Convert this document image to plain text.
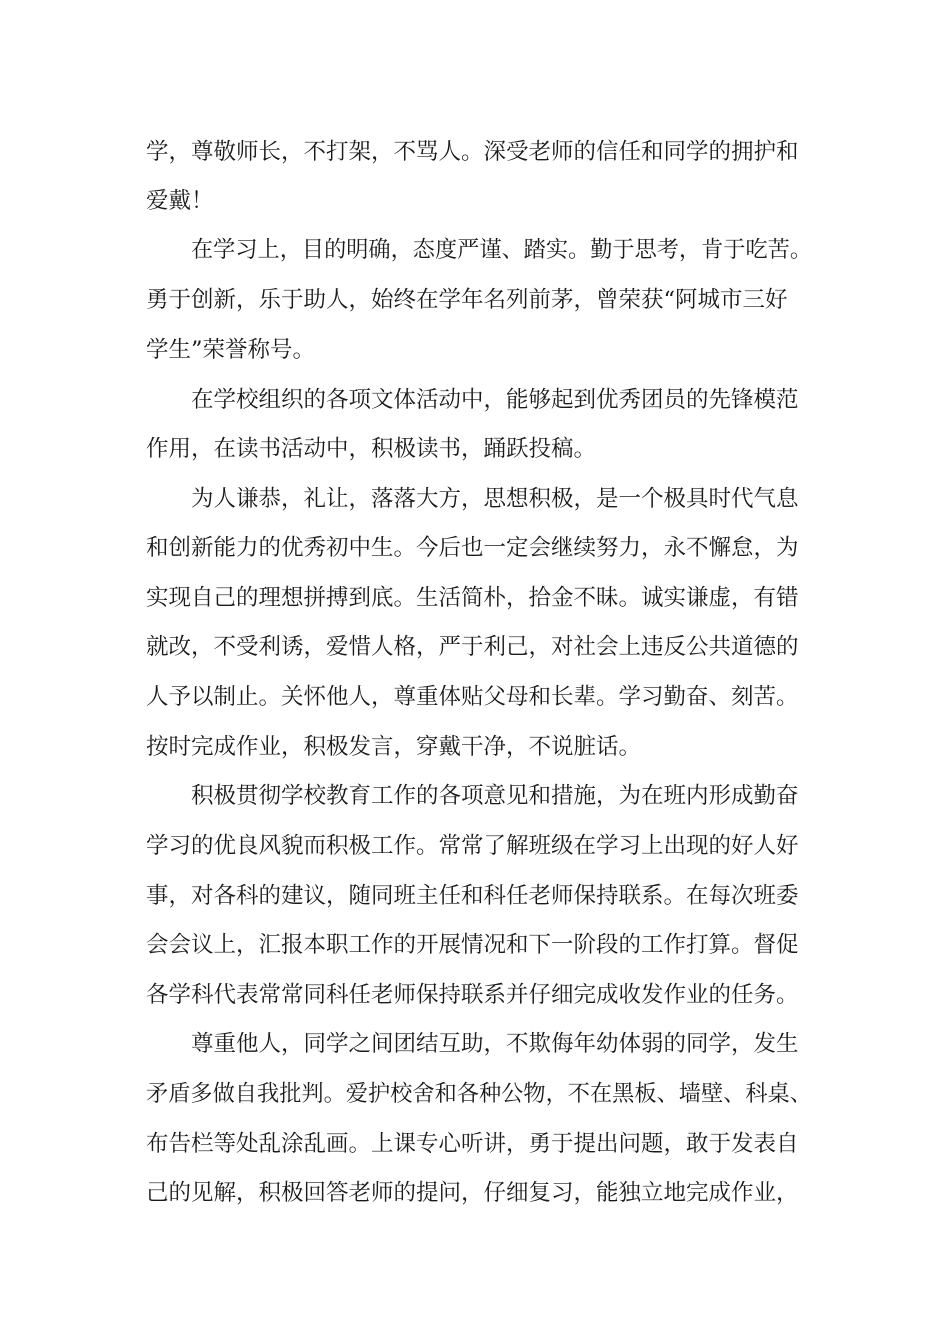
学，尊敬师长，不打架，不骂人。深受老师的信任和同学的拥护和
爱戴！
在学习上，目的明确，态度严谨、踏实。勤于思考，肯于吃苦。
勇于创新，乐于助人，始终在学年名列前茅，曾荣获“阿城市三好
学生”荣誉称号。
在学校组织的各项文体活动中，能够起到优秀团员的先锋模范
作用，在读书活动中，积极读书，踊跃投稿。
为人谦恭，礼让，落落大方，思想积极，是一个极具时代气息
和创新能力的优秀初中生。今后也一定会继续努力，永不懈怠，为
实现自己的理想拼搏到底。生活简朴，拾金不昧。诚实谦虚，有错
就改，不受利诱，爱惜人格，严于利己，对社会上违反公共道德的
人予以制止。关怀他人，尊重体贴父母和长辈。学习勤奋、刻苦。
按时完成作业，积极发言，穿戴干净，不说脏话。
积极贯彻学校教育工作的各项意见和措施，为在班内形成勤奋
学习的优良风貌而积极工作。常常了解班级在学习上出现的好人好
事，对各科的建议，随同班主任和科任老师保持联系。在每次班委
会会议上，汇报本职工作的开展情况和下一阶段的工作打算。督促
各学科代表常常同科任老师保持联系并仔细完成收发作业的任务。
尊重他人，同学之间团结互助，不欺侮年幼体弱的同学，发生
矛盾多做自我批判。爱护校舍和各种公物，不在黑板、墙壁、科桌、
布告栏等处乱涂乱画。上课专心听讲，勇于提出问题，敢于发表自
己的见解，积极回答老师的提问，仔细复习，能独立地完成作业，
